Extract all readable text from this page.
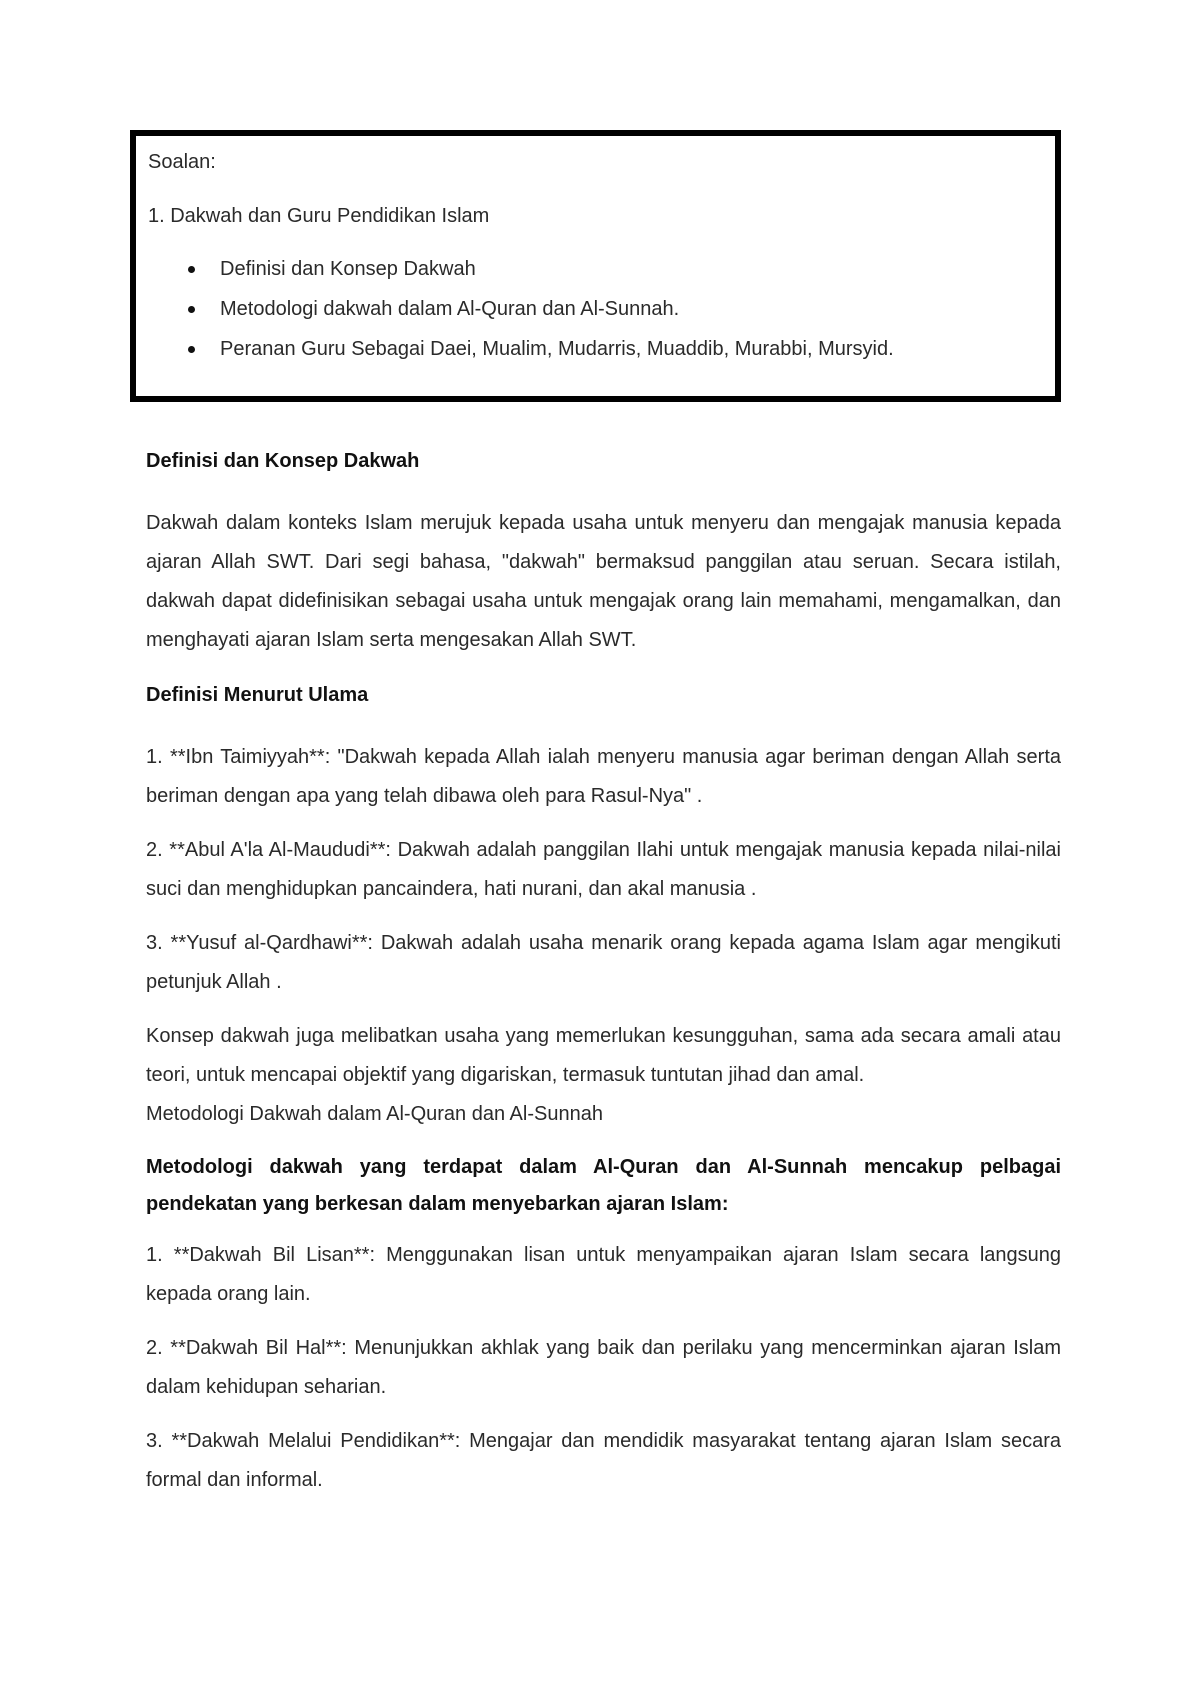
Soalan:

1. Dakwah dan Guru Pendidikan Islam

Definisi dan Konsep Dakwah
Metodologi dakwah dalam Al-Quran dan Al-Sunnah.
Peranan Guru Sebagai Daei, Mualim, Mudarris, Muaddib, Murabbi, Mursyid.

Definisi dan Konsep Dakwah

Dakwah dalam konteks Islam merujuk kepada usaha untuk menyeru dan mengajak manusia kepada ajaran Allah SWT. Dari segi bahasa, "dakwah" bermaksud panggilan atau seruan. Secara istilah, dakwah dapat didefinisikan sebagai usaha untuk mengajak orang lain memahami, mengamalkan, dan menghayati ajaran Islam serta mengesakan Allah SWT.

Definisi Menurut Ulama

1. **Ibn Taimiyyah**: "Dakwah kepada Allah ialah menyeru manusia agar beriman dengan Allah serta beriman dengan apa yang telah dibawa oleh para Rasul-Nya" .

2. **Abul A'la Al-Maududi**: Dakwah adalah panggilan Ilahi untuk mengajak manusia kepada nilai-nilai suci dan menghidupkan pancaindera, hati nurani, dan akal manusia .

3. **Yusuf al-Qardhawi**: Dakwah adalah usaha menarik orang kepada agama Islam agar mengikuti petunjuk Allah .

Konsep dakwah juga melibatkan usaha yang memerlukan kesungguhan, sama ada secara amali atau teori, untuk mencapai objektif yang digariskan, termasuk tuntutan jihad dan amal.

Metodologi Dakwah dalam Al-Quran dan Al-Sunnah

Metodologi dakwah yang terdapat dalam Al-Quran dan Al-Sunnah mencakup pelbagai pendekatan yang berkesan dalam menyebarkan ajaran Islam:

1. **Dakwah Bil Lisan**: Menggunakan lisan untuk menyampaikan ajaran Islam secara langsung kepada orang lain.

2. **Dakwah Bil Hal**: Menunjukkan akhlak yang baik dan perilaku yang mencerminkan ajaran Islam dalam kehidupan seharian.

3. **Dakwah Melalui Pendidikan**: Mengajar dan mendidik masyarakat tentang ajaran Islam secara formal dan informal.
